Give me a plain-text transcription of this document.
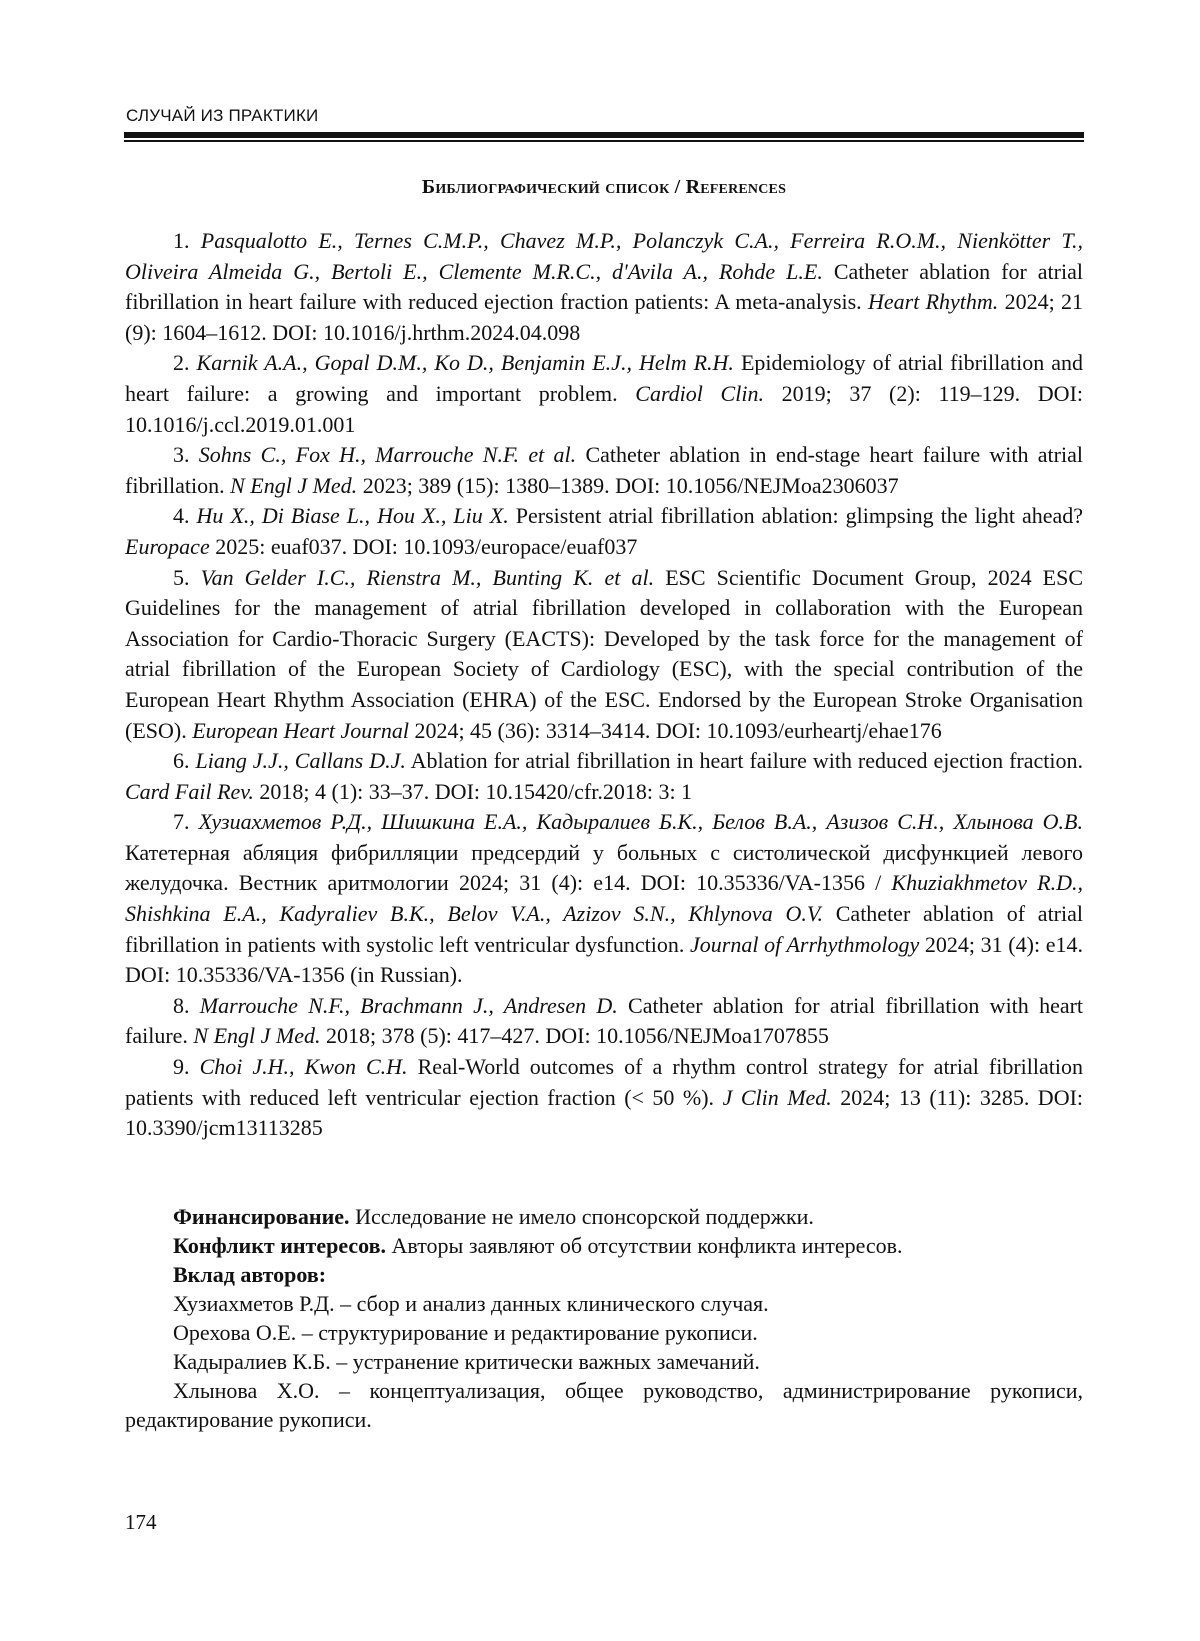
СЛУЧАЙ ИЗ ПРАКТИКИ
Библиографический список / References

1. Pasqualotto E., Ternes C.M.P., Chavez M.P., Polanczyk C.A., Ferreira R.O.M., Nienkötter T., Oliveira Almeida G., Bertoli E., Clemente M.R.C., d'Avila A., Rohde L.E. Catheter ablation for atrial fibrillation in heart failure with reduced ejection fraction patients: A meta-analysis. Heart Rhythm. 2024; 21 (9): 1604–1612. DOI: 10.1016/j.hrthm.2024.04.098

2. Karnik A.A., Gopal D.M., Ko D., Benjamin E.J., Helm R.H. Epidemiology of atrial fibrillation and heart failure: a growing and important problem. Cardiol Clin. 2019; 37 (2): 119–129. DOI: 10.1016/j.ccl.2019.01.001

3. Sohns C., Fox H., Marrouche N.F. et al. Catheter ablation in end-stage heart failure with atrial fibrillation. N Engl J Med. 2023; 389 (15): 1380–1389. DOI: 10.1056/NEJMoa2306037

4. Hu X., Di Biase L., Hou X., Liu X. Persistent atrial fibrillation ablation: glimpsing the light ahead? Europace 2025: euaf037. DOI: 10.1093/europace/euaf037

5. Van Gelder I.C., Rienstra M., Bunting K. et al. ESC Scientific Document Group, 2024 ESC Guidelines for the management of atrial fibrillation developed in collaboration with the European Association for Cardio-Thoracic Surgery (EACTS): Developed by the task force for the management of atrial fibrillation of the European Society of Cardiology (ESC), with the special contribution of the European Heart Rhythm Association (EHRA) of the ESC. Endorsed by the European Stroke Organisation (ESO). European Heart Journal 2024; 45 (36): 3314–3414. DOI: 10.1093/eurheartj/ehae176

6. Liang J.J., Callans D.J. Ablation for atrial fibrillation in heart failure with reduced ejection fraction. Card Fail Rev. 2018; 4 (1): 33–37. DOI: 10.15420/cfr.2018: 3: 1

7. Хузиахметов Р.Д., Шишкина Е.А., Кадыралиев Б.К., Белов В.А., Азизов С.Н., Хлынова О.В. Катетерная абляция фибрилляции предсердий у больных с систолической дисфункцией левого желудочка. Вестник аритмологии 2024; 31 (4): e14. DOI: 10.35336/VA-1356 / Khuziakhmetov R.D., Shishkina E.A., Kadyraliev B.K., Belov V.A., Azizov S.N., Khlynova O.V. Catheter ablation of atrial fibrillation in patients with systolic left ventricular dysfunction. Journal of Arrhythmology 2024; 31 (4): e14. DOI: 10.35336/VA-1356 (in Russian).

8. Marrouche N.F., Brachmann J., Andresen D. Catheter ablation for atrial fibrillation with heart failure. N Engl J Med. 2018; 378 (5): 417–427. DOI: 10.1056/NEJMoa1707855

9. Choi J.H., Kwon C.H. Real-World outcomes of a rhythm control strategy for atrial fibrillation patients with reduced left ventricular ejection fraction (< 50 %). J Clin Med. 2024; 13 (11): 3285. DOI: 10.3390/jcm13113285

Финансирование. Исследование не имело спонсорской поддержки.

Конфликт интересов. Авторы заявляют об отсутствии конфликта интересов.

Вклад авторов:

Хузиахметов Р.Д. – сбор и анализ данных клинического случая.

Орехова О.Е. – структурирование и редактирование рукописи.

Кадыралиев К.Б. – устранение критически важных замечаний.

Хлынова Х.О. – концептуализация, общее руководство, администрирование рукописи, редактирование рукописи.

174
